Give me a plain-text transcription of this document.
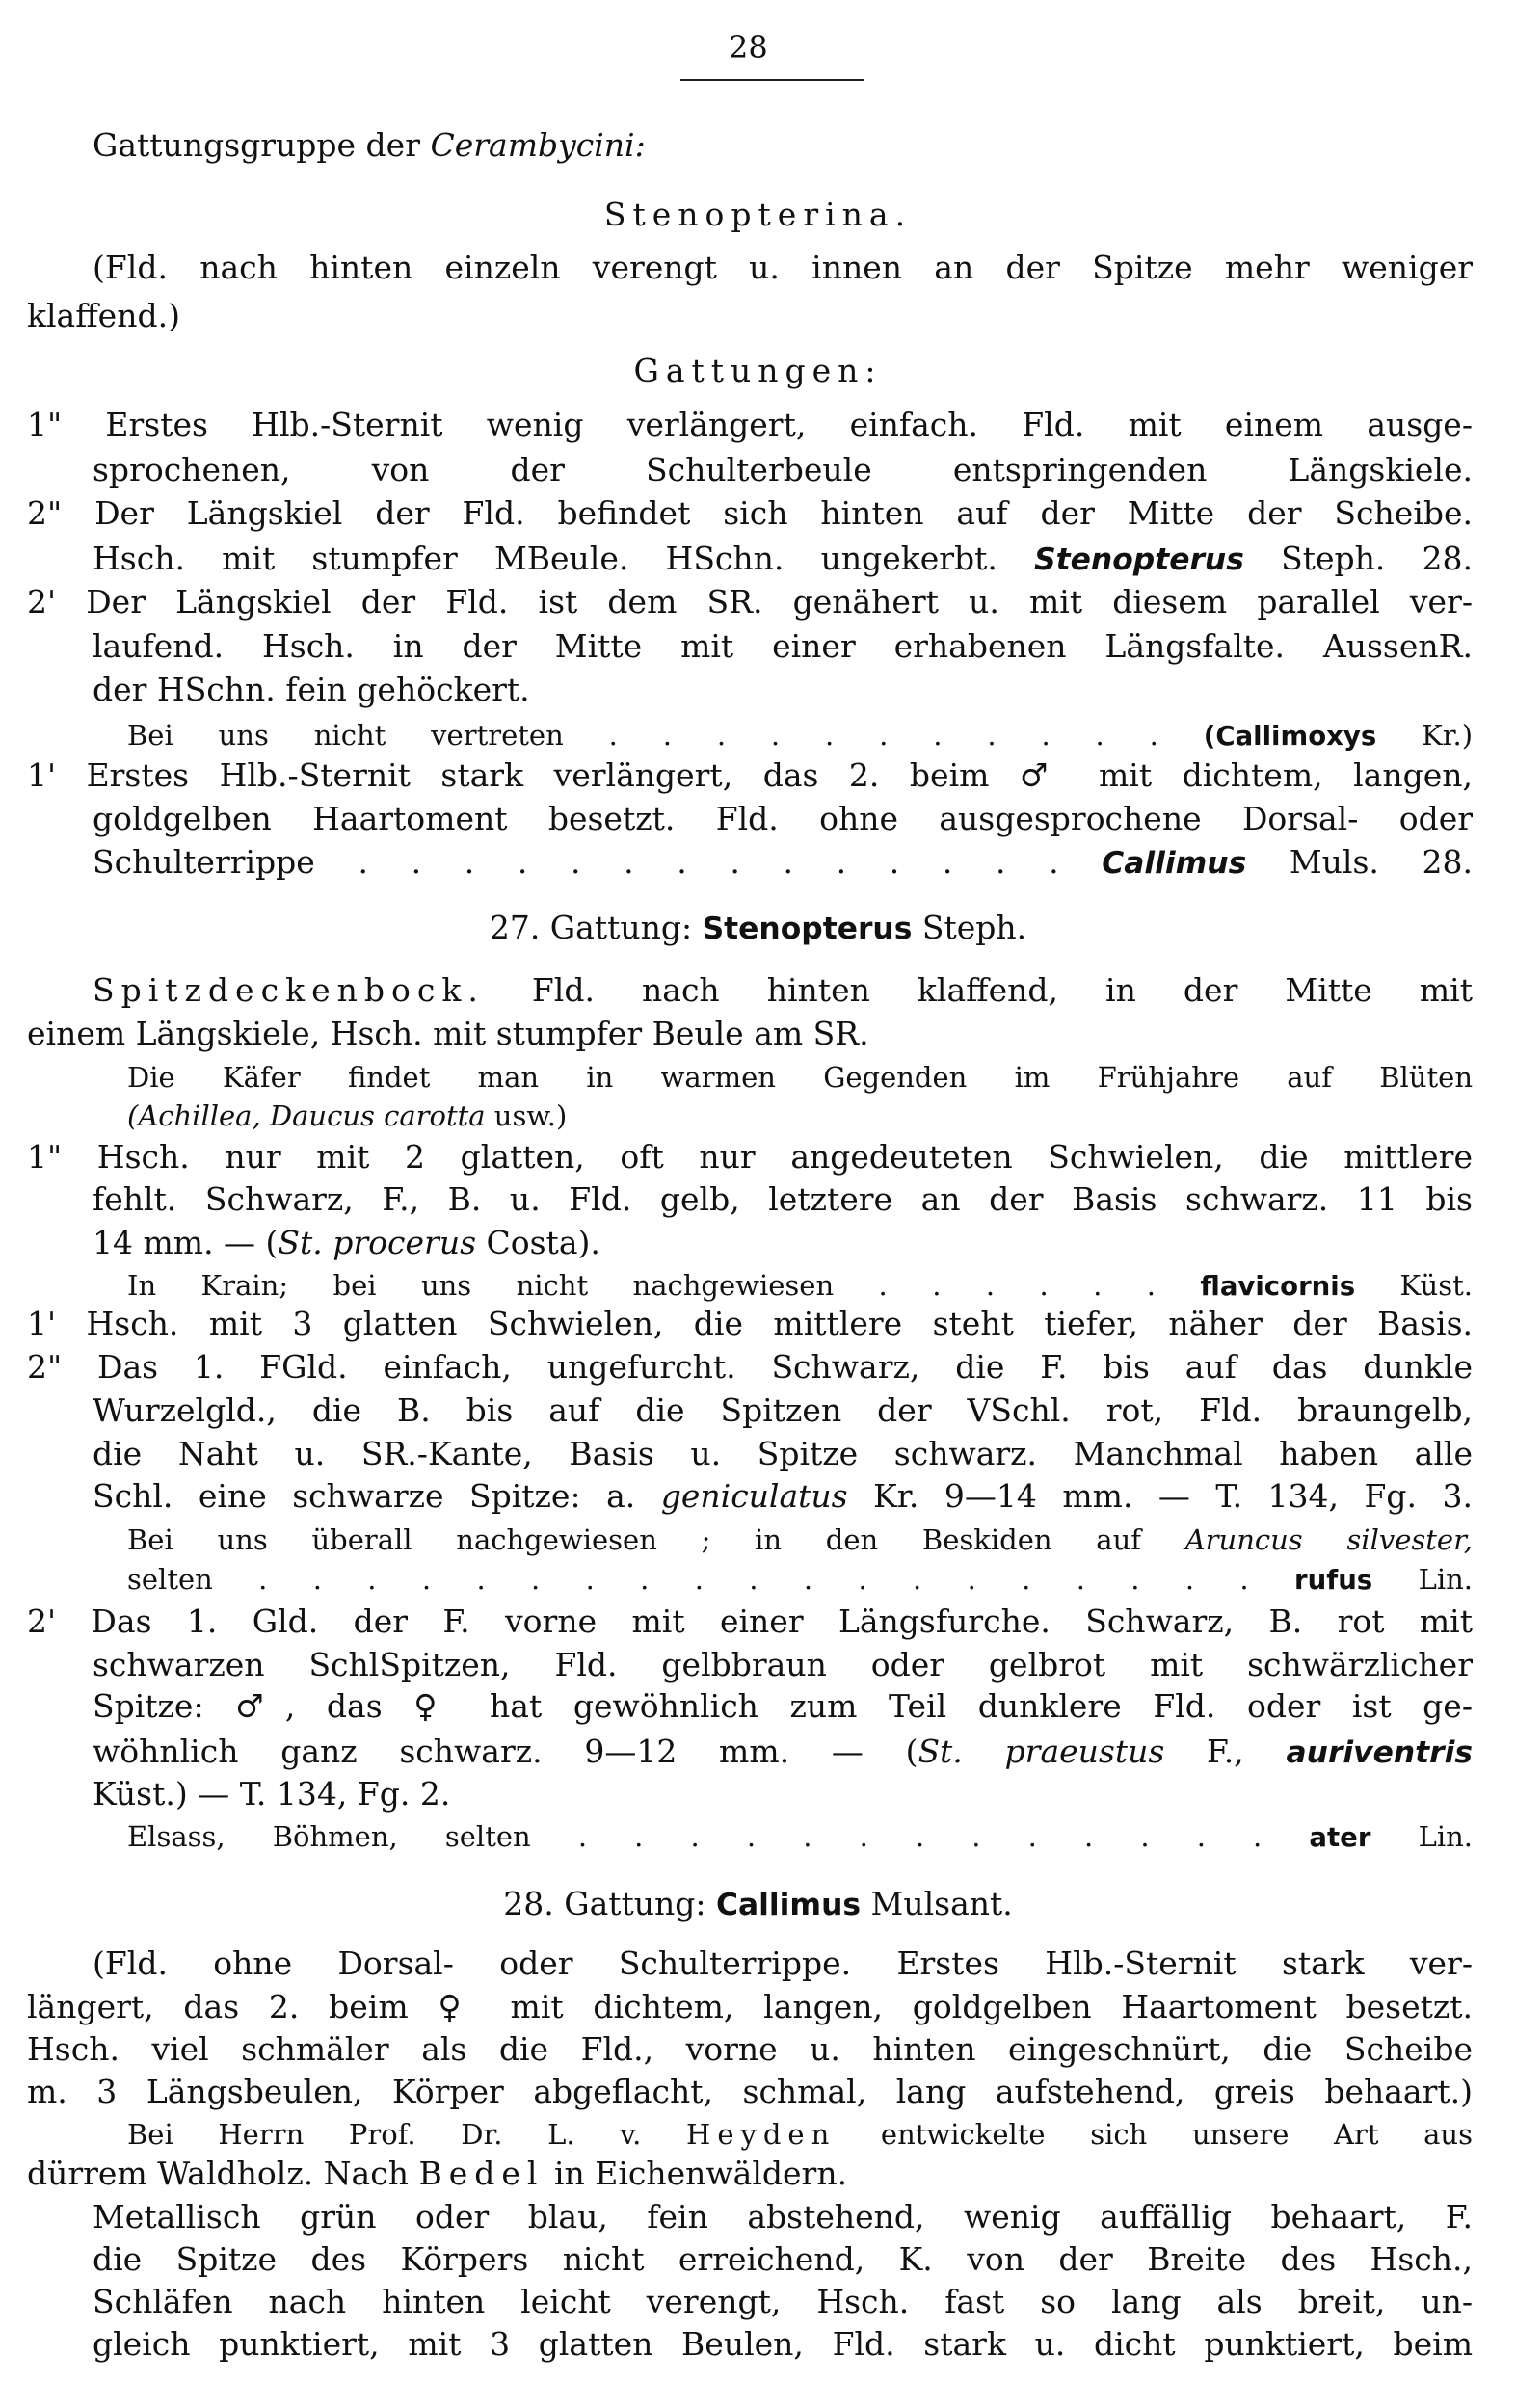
28
Gattungsgruppe der Cerambycini:
Stenopterina.
(Fld. nach hinten einzeln verengt u. innen an der Spitze mehr weniger
klaffend.)
Gattungen:
1" Erstes Hlb.-Sternit wenig verlängert, einfach. Fld. mit einem ausge-
sprochenen, von der Schulterbeule entspringenden Längskiele.
2" Der Längskiel der Fld. befindet sich hinten auf der Mitte der Scheibe.
Hsch. mit stumpfer MBeule. HSchn. ungekerbt. Stenopterus Steph. 28.
2' Der Längskiel der Fld. ist dem SR. genähert u. mit diesem parallel ver-
laufend. Hsch. in der Mitte mit einer erhabenen Längsfalte. AussenR.
der HSchn. fein gehöckert.
Bei uns nicht vertreten . . . . . . . . . . . (Callimoxys Kr.)
1' Erstes Hlb.-Sternit stark verlängert, das 2. beim ♂ mit dichtem, langen,
goldgelben Haartoment besetzt. Fld. ohne ausgesprochene Dorsal- oder
Schulterrippe . . . . . . . . . . . . . . Callimus Muls. 28.
27. Gattung: Stenopterus Steph.
Spitzdeckenbock. Fld. nach hinten klaffend, in der Mitte mit
einem Längskiele, Hsch. mit stumpfer Beule am SR.
Die Käfer findet man in warmen Gegenden im Frühjahre auf Blüten
(Achillea, Daucus carotta usw.)
1" Hsch. nur mit 2 glatten, oft nur angedeuteten Schwielen, die mittlere
fehlt. Schwarz, F., B. u. Fld. gelb, letztere an der Basis schwarz. 11 bis
14 mm. — (St. procerus Costa).
In Krain; bei uns nicht nachgewiesen . . . . . . flavicornis Küst.
1' Hsch. mit 3 glatten Schwielen, die mittlere steht tiefer, näher der Basis.
2" Das 1. FGld. einfach, ungefurcht. Schwarz, die F. bis auf das dunkle
Wurzelgld., die B. bis auf die Spitzen der VSchl. rot, Fld. braungelb,
die Naht u. SR.-Kante, Basis u. Spitze schwarz. Manchmal haben alle
Schl. eine schwarze Spitze: a. geniculatus Kr. 9—14 mm. — T. 134, Fg. 3.
Bei uns überall nachgewiesen ; in den Beskiden auf Aruncus silvester,
selten . . . . . . . . . . . . . . . . . . . rufus Lin.
2' Das 1. Gld. der F. vorne mit einer Längsfurche. Schwarz, B. rot mit
schwarzen SchlSpitzen, Fld. gelbbraun oder gelbrot mit schwärzlicher
Spitze: ♂, das ♀ hat gewöhnlich zum Teil dunklere Fld. oder ist ge-
wöhnlich ganz schwarz. 9—12 mm. — (St. praeustus F., auriventris
Küst.) — T. 134, Fg. 2.
Elsass, Böhmen, selten . . . . . . . . . . . . . ater Lin.
28. Gattung: Callimus Mulsant.
(Fld. ohne Dorsal- oder Schulterrippe. Erstes Hlb.-Sternit stark ver-
längert, das 2. beim ♀ mit dichtem, langen, goldgelben Haartoment besetzt.
Hsch. viel schmäler als die Fld., vorne u. hinten eingeschnürt, die Scheibe
m. 3 Längsbeulen, Körper abgeflacht, schmal, lang aufstehend, greis behaart.)
Bei Herrn Prof. Dr. L. v. Heyden entwickelte sich unsere Art aus
dürrem Waldholz. Nach Bedel in Eichenwäldern.
Metallisch grün oder blau, fein abstehend, wenig auffällig behaart, F.
die Spitze des Körpers nicht erreichend, K. von der Breite des Hsch.,
Schläfen nach hinten leicht verengt, Hsch. fast so lang als breit, un-
gleich punktiert, mit 3 glatten Beulen, Fld. stark u. dicht punktiert, beim
